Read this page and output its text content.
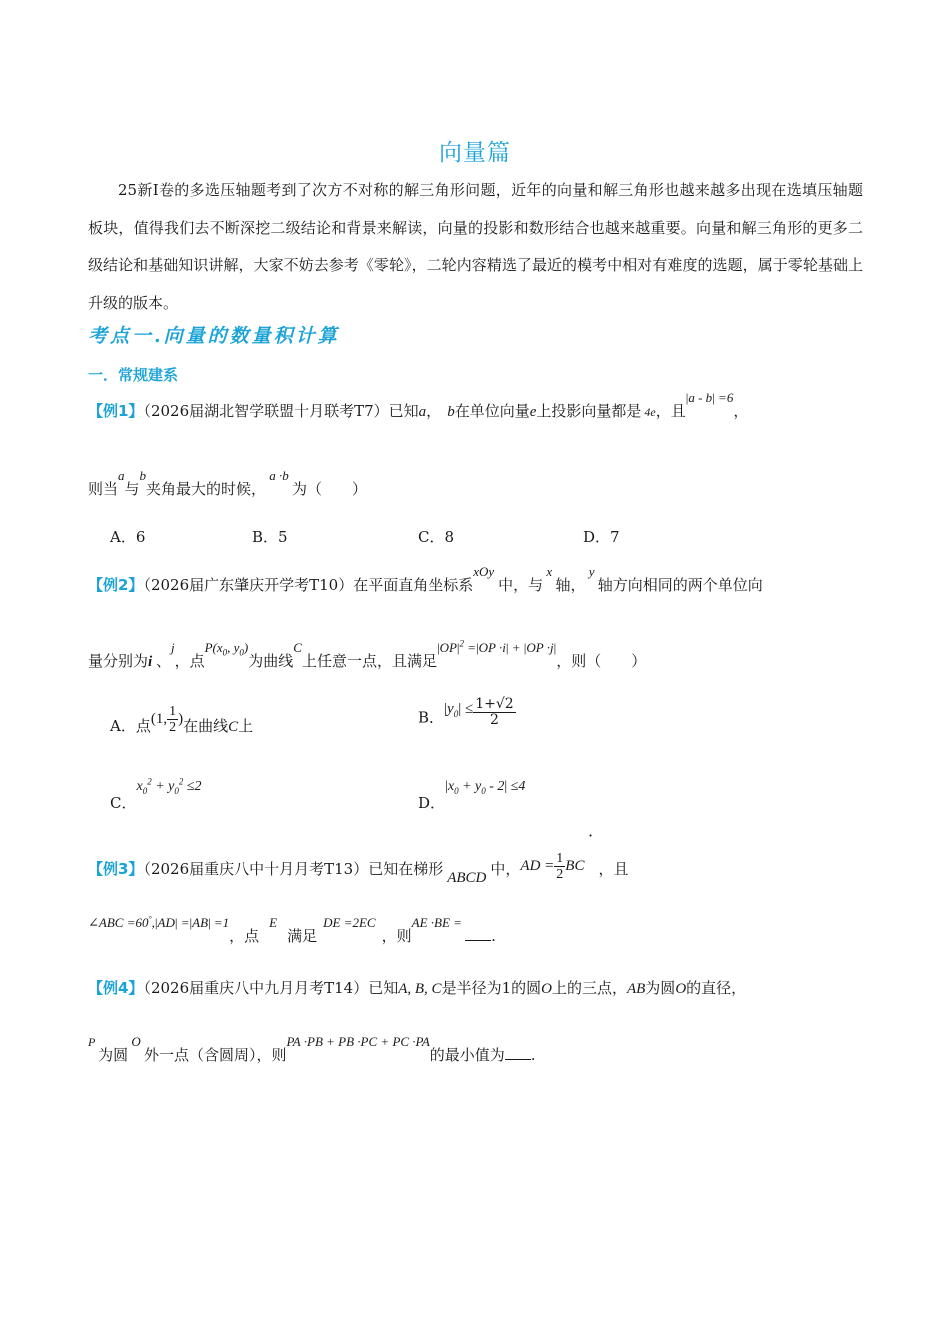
向量篇
25新Ⅰ卷的多选压轴题考到了次方不对称的解三角形问题，近年的向量和解三角形也越来越多出现在选填压轴题板块，值得我们去不断深挖二级结论和背景来解读，向量的投影和数形结合也越来越重要。向量和解三角形的更多二级结论和基础知识讲解，大家不妨去参考《零轮》，二轮内容精选了最近的模考中相对有难度的选题，属于零轮基础上升级的版本。
考点一.向量的数量积计算
一．常规建系
【例1】（2026届湖北智学联盟十月联考T7）已知a， b在单位向量e上投影向量都是 4e，且|a - b| =6，
则当a与b夹角最大的时候， a ·b 为（　　）
A．6	B．5	C．8	D．7
【例2】（2026届广东肇庆开学考T10）在平面直角坐标系xOy中，与 x 轴， y 轴方向相同的两个单位向
量分别为i 、j，点$P(x_0$, $y_0$)为曲线C上任意一点，且满足$|OP|^2 =|OP \cdot i| + |OP \cdot j|$，则（　　）
A．点(1, $\frac{1}{2}$ )在曲线C上	B．$|y_0| \le \frac{1+√2}{2}$
C．$x_0^2 + y_0^2 \le 2$
D．$|x_0 + y_0 - 2| \le 4$
·
【例3】（2026届重庆八中十月月考T13）已知在梯形 ABCD 中，AD = $\frac{1}{2}$ BC ，且
∠ABC =60°,|AD| =|AB| =1，点E满足DE =2EC，则AE ·BE = .
【例4】（2026届重庆八中九月月考T14）已知A, B, C是半径为1的圆O上的三点，AB为圆O的直径，
$^P$ 为圆 O 外一点（含圆周），则PA ·PB + PB ·PC + PC ·PA的最小值为 .
